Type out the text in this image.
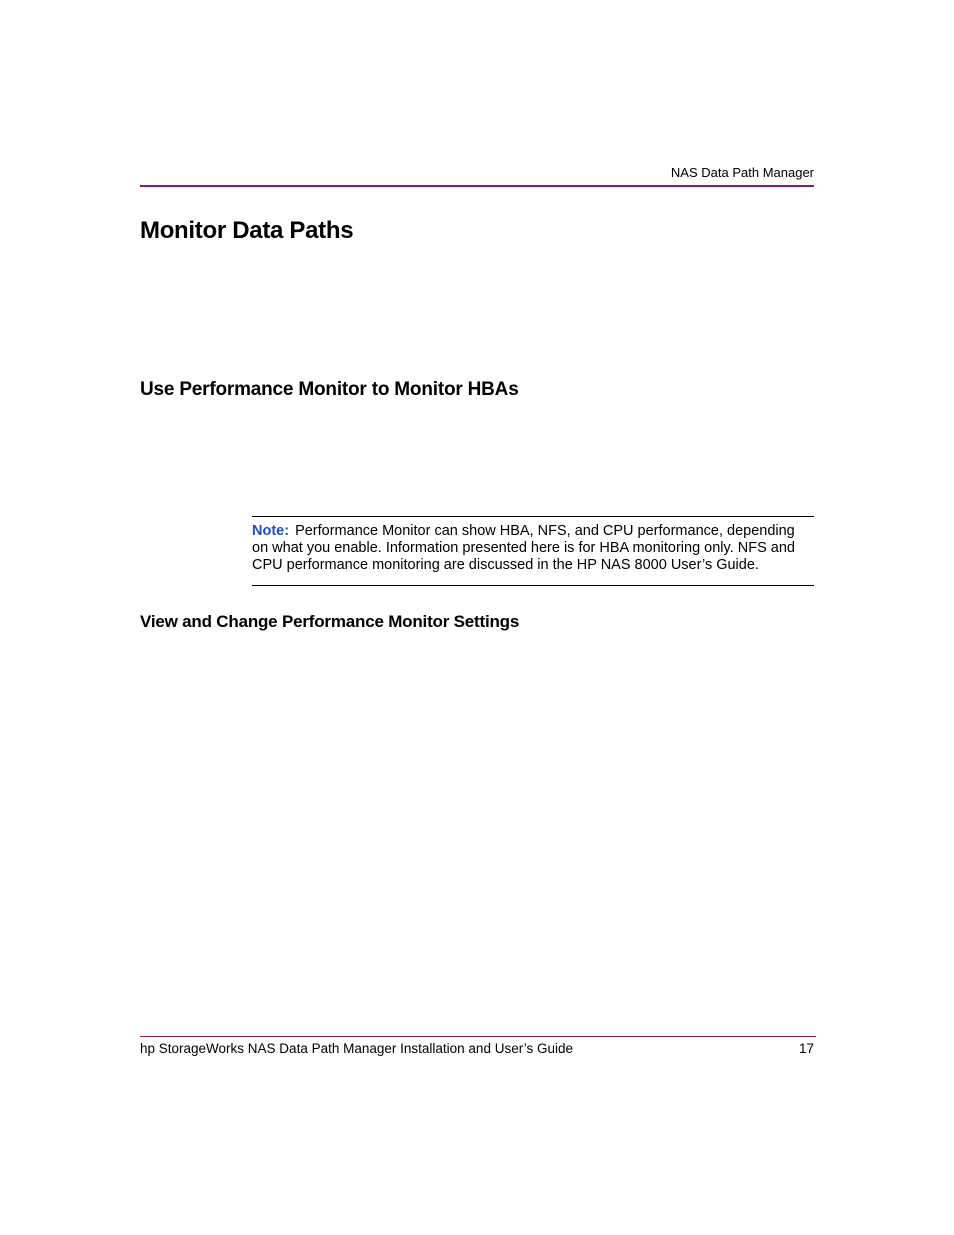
NAS Data Path Manager
Monitor Data Paths
Use Performance Monitor to Monitor HBAs

Note: Performance Monitor can show HBA, NFS, and CPU performance, depending on what you enable. Information presented here is for HBA monitoring only. NFS and CPU performance monitoring are discussed in the HP NAS 8000 User’s Guide.

View and Change Performance Monitor Settings
hp StorageWorks NAS Data Path Manager Installation and User’s Guide	17
